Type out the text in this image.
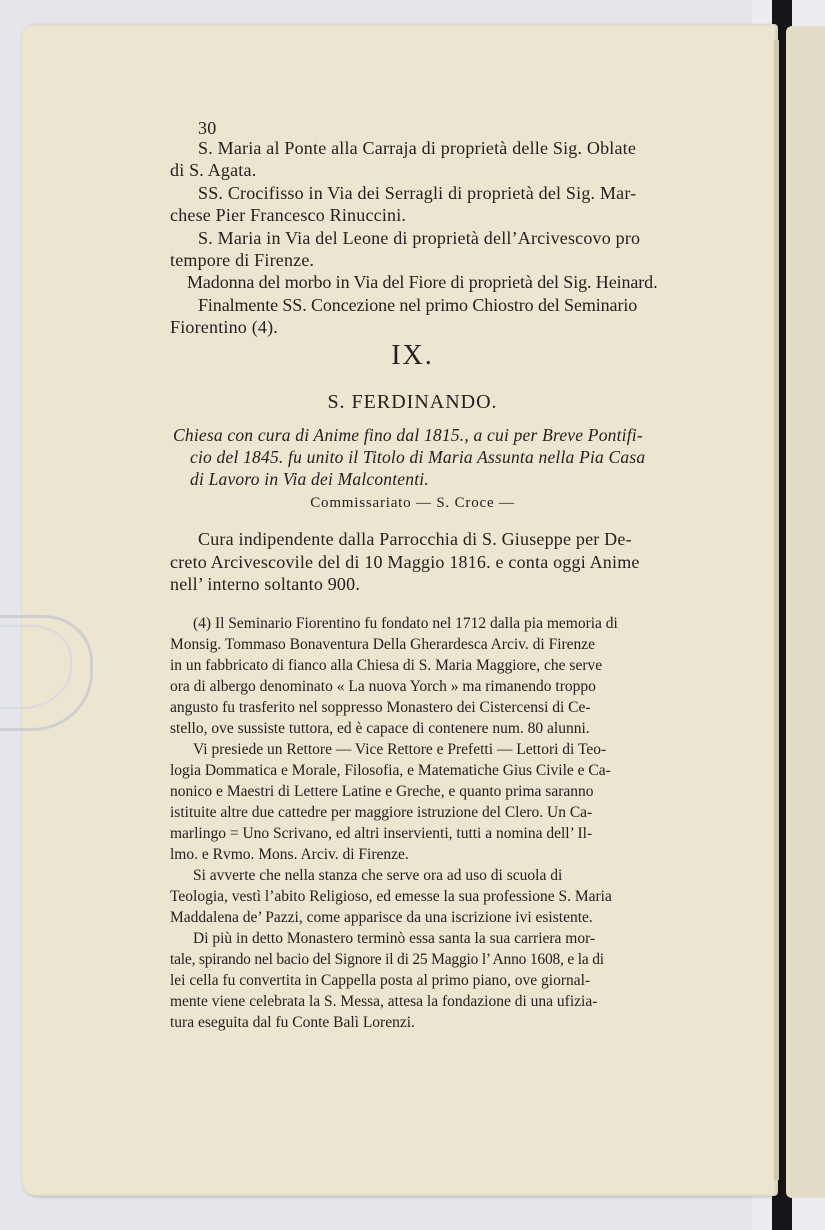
30
S. Maria al Ponte alla Carraja di proprietà delle Sig. Oblate
di S. Agata.
SS. Crocifisso in Via dei Serragli di proprietà del Sig. Mar-
chese Pier Francesco Rinuccini.
S. Maria in Via del Leone di proprietà dell’Arcivescovo pro
tempore di Firenze.
Madonna del morbo in Via del Fiore di proprietà del Sig. Heinard.
Finalmente SS. Concezione nel primo Chiostro del Seminario
Fiorentino (4).
IX.
S. FERDINANDO.
Chiesa con cura di Anime fino dal 1815., a cui per Breve Pontifi-
cio del 1845. fu unito il Titolo di Maria Assunta nella Pia Casa
di Lavoro in Via dei Malcontenti.
Commissariato — S. Croce —
Cura indipendente dalla Parrocchia di S. Giuseppe per De-
creto Arcivescovile del di 10 Maggio 1816. e conta oggi Anime
nell’ interno soltanto 900.
(4) Il Seminario Fiorentino fu fondato nel 1712 dalla pia memoria di
Monsig. Tommaso Bonaventura Della Gherardesca Arciv. di Firenze
in un fabbricato di fianco alla Chiesa di S. Maria Maggiore, che serve
ora di albergo denominato « La nuova Yorch » ma rimanendo troppo
angusto fu trasferito nel soppresso Monastero dei Cistercensi di Ce-
stello, ove sussiste tuttora, ed è capace di contenere num. 80 alunni.
Vi presiede un Rettore — Vice Rettore e Prefetti — Lettori di Teo-
logia Dommatica e Morale, Filosofia, e Matematiche Gius Civile e Ca-
nonico e Maestri di Lettere Latine e Greche, e quanto prima saranno
istituite altre due cattedre per maggiore istruzione del Clero. Un Ca-
marlingo = Uno Scrivano, ed altri inservienti, tutti a nomina dell’ Il-
lmo. e Rvmo. Mons. Arciv. di Firenze.
Si avverte che nella stanza che serve ora ad uso di scuola di
Teologia, vestì l’abito Religioso, ed emesse la sua professione S. Maria
Maddalena de’ Pazzi, come apparisce da una iscrizione ivi esistente.
Di più in detto Monastero terminò essa santa la sua carriera mor-
tale, spirando nel bacio del Signore il di 25 Maggio l’ Anno 1608, e la di
lei cella fu convertita in Cappella posta al primo piano, ove giornal-
mente viene celebrata la S. Messa, attesa la fondazione di una ufizia-
tura eseguita dal fu Conte Balì Lorenzi.
